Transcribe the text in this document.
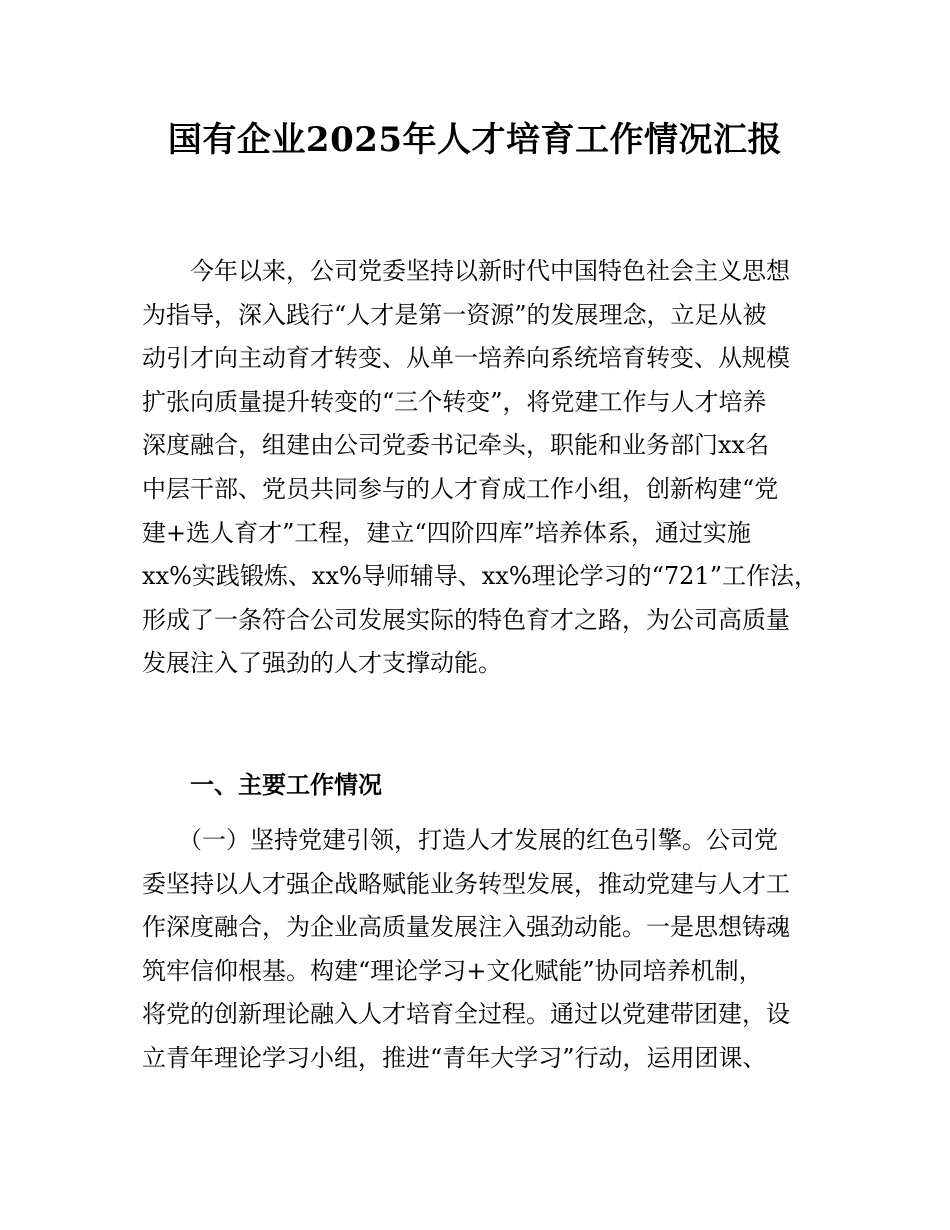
国有企业2025年人才培育工作情况汇报
今年以来，公司党委坚持以新时代中国特色社会主义思想
为指导，深入践行“人才是第一资源”的发展理念，立足从被
动引才向主动育才转变、从单一培养向系统培育转变、从规模
扩张向质量提升转变的“三个转变”，将党建工作与人才培养
深度融合，组建由公司党委书记牵头，职能和业务部门xx名
中层干部、党员共同参与的人才育成工作小组，创新构建“党
建+选人育才”工程，建立“四阶四库”培养体系，通过实施
xx%实践锻炼、xx%导师辅导、xx%理论学习的“721”工作法，
形成了一条符合公司发展实际的特色育才之路，为公司高质量
发展注入了强劲的人才支撑动能。
一、主要工作情况
（一）坚持党建引领，打造人才发展的红色引擎。公司党
委坚持以人才强企战略赋能业务转型发展，推动党建与人才工
作深度融合，为企业高质量发展注入强劲动能。一是思想铸魂
筑牢信仰根基。构建“理论学习+文化赋能”协同培养机制，
将党的创新理论融入人才培育全过程。通过以党建带团建，设
立青年理论学习小组，推进“青年大学习”行动，运用团课、
